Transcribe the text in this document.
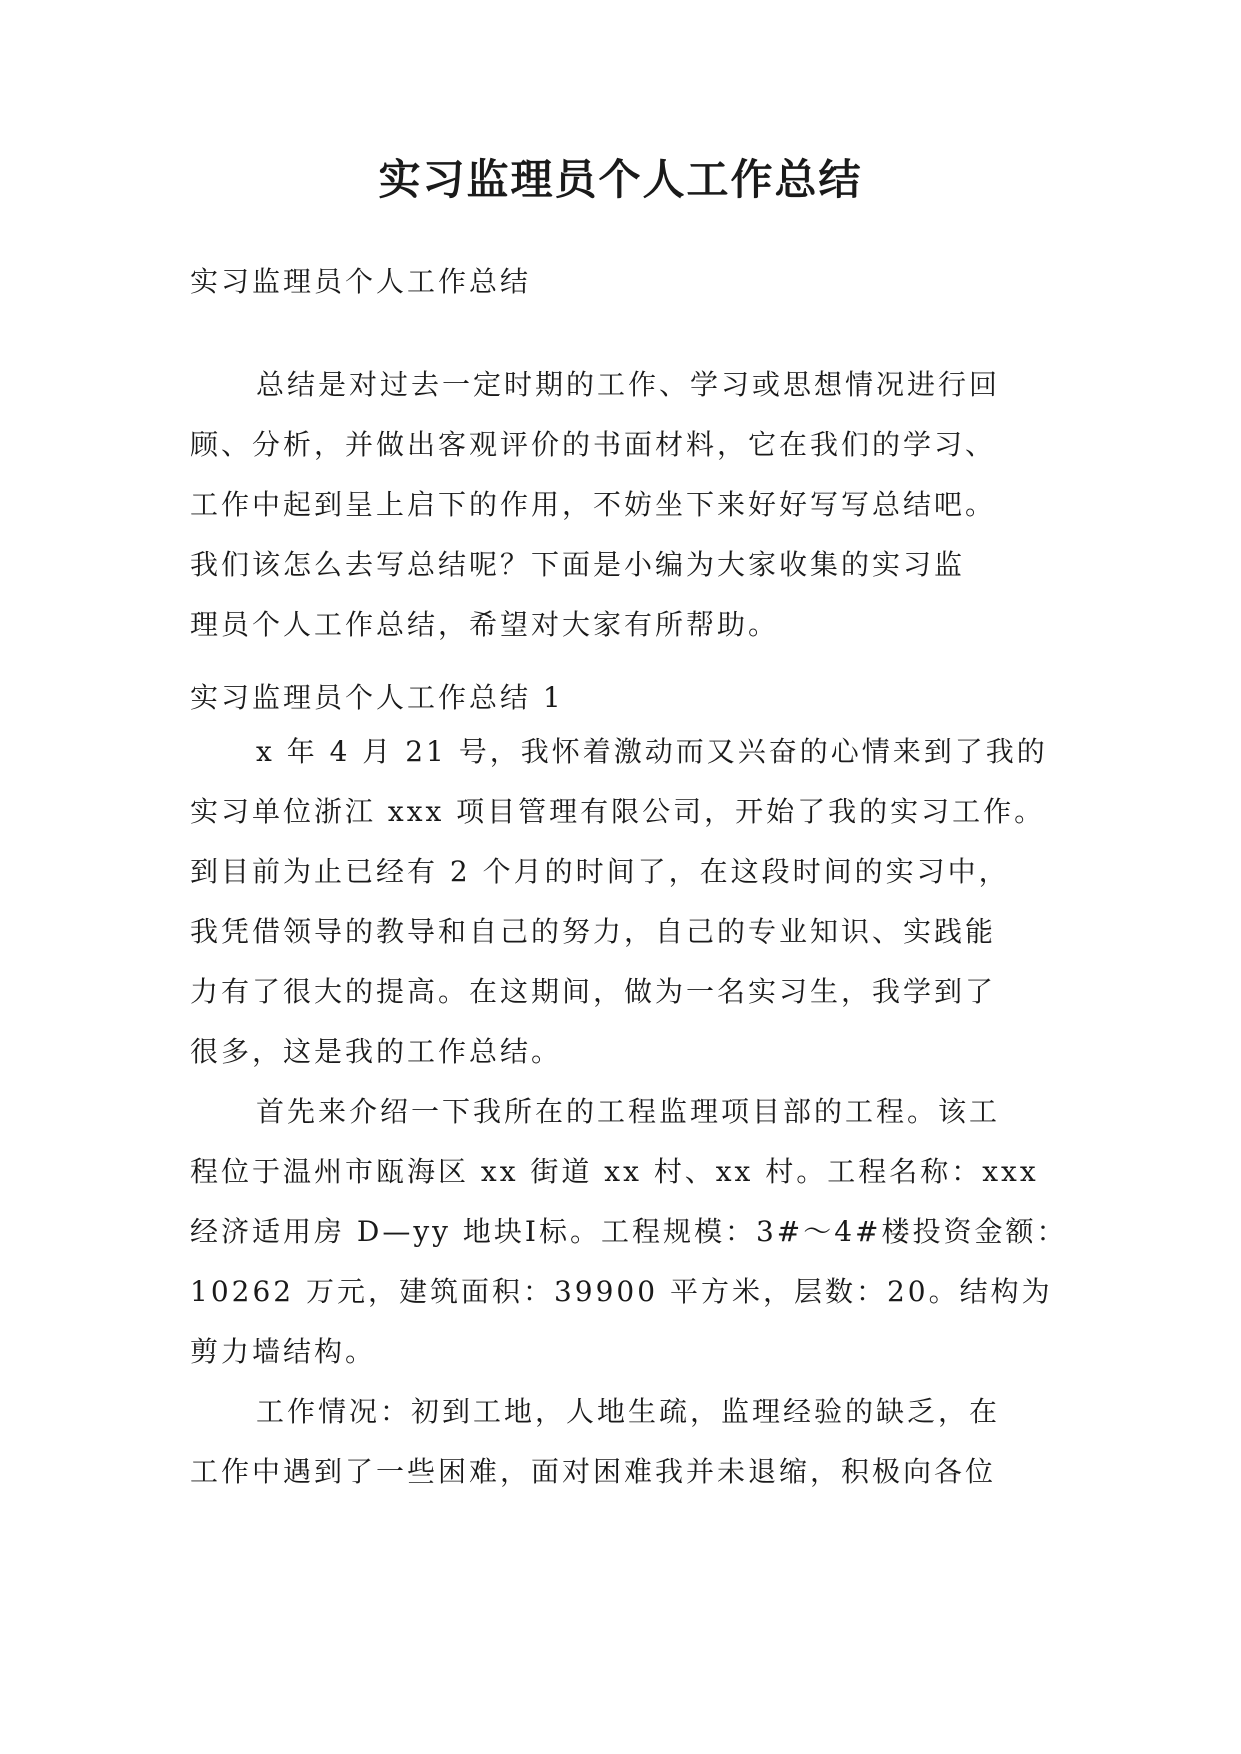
实习监理员个人工作总结

实习监理员个人工作总结

总结是对过去一定时期的工作、学习或思想情况进行回
顾、分析，并做出客观评价的书面材料，它在我们的学习、
工作中起到呈上启下的作用，不妨坐下来好好写写总结吧。
我们该怎么去写总结呢？下面是小编为大家收集的实习监
理员个人工作总结，希望对大家有所帮助。

实习监理员个人工作总结 1

x 年 4 月 21 号，我怀着激动而又兴奋的心情来到了我的
实习单位浙江 xxx 项目管理有限公司，开始了我的实习工作。
到目前为止已经有 2 个月的时间了，在这段时间的实习中，
我凭借领导的教导和自己的努力，自己的专业知识、实践能
力有了很大的提高。在这期间，做为一名实习生，我学到了
很多，这是我的工作总结。
首先来介绍一下我所在的工程监理项目部的工程。该工
程位于温州市瓯海区 xx 街道 xx 村、xx 村。工程名称：xxx
经济适用房 D—yy 地块Ⅰ标。工程规模：3#～4#楼投资金额：
10262 万元，建筑面积：39900 平方米，层数：20。结构为
剪力墙结构。
工作情况：初到工地，人地生疏，监理经验的缺乏，在
工作中遇到了一些困难，面对困难我并未退缩，积极向各位
